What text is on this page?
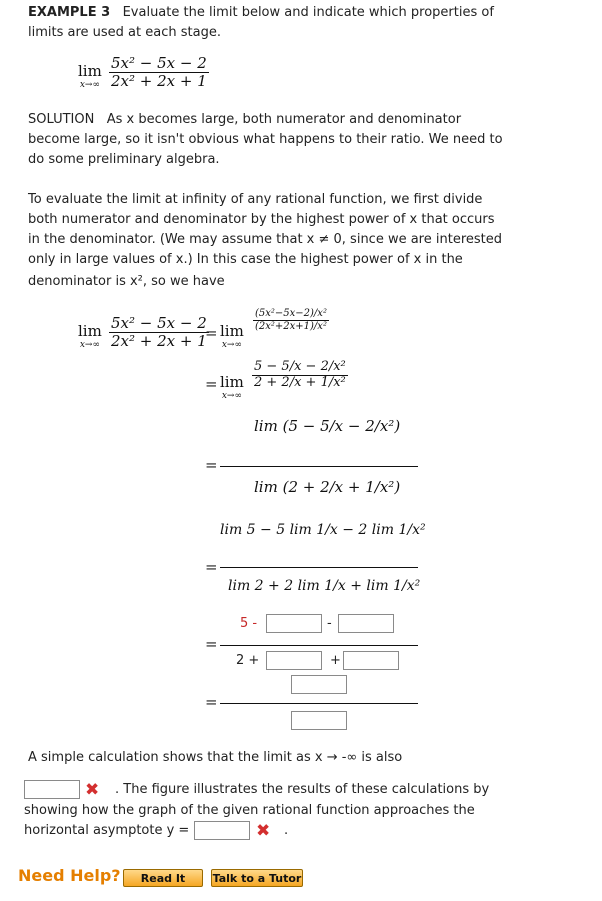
EXAMPLE 3 Evaluate the limit below and indicate which properties of
limits are used at each stage.
lim
$x\to\infty \frac{\text{5x² − 5x − 2}}{\text{2x² + 2x + 1}}$
SOLUTION As x becomes large, both numerator and denominator
become large, so it isn't obvious what happens to their ratio. We need to
do some preliminary algebra.
To evaluate the limit at infinity of any rational function, we first divide
both numerator and denominator by the highest power of x that occurs
in the denominator. (We may assume that x ≠ 0, since we are interested
only in large values of x.) In this case the highest power of x in the
denominator is x², so we have
lim
$x\to\infty \frac{\text{5x² − 5x − 2}}{\text{2x² + 2x + 1}}$
= lim
x→∞
$\frac{\text{(5x²−5x−2)/x²}}{\text{(2x²+2x+1)/x²}}$
= lim
x→∞
$\frac{\text{5 − 5/x − 2/x²}}{\text{2 + 2/x + 1/x²}}$
lim (5 − 5/x − 2/x²)
=
lim (2 + 2/x + 1/x²)
lim 5 − 5 lim 1/x − 2 lim 1/x²
=
lim 2 + 2 lim 1/x + lim 1/x²
5 -	-
=
2 +	+
=
A simple calculation shows that the limit as x → -∞ is also
✖ . The figure illustrates the results of these calculations by
showing how the graph of the given rational function approaches the
horizontal asymptote y =	✖ .
Need Help?	Read It	Talk to a Tutor
